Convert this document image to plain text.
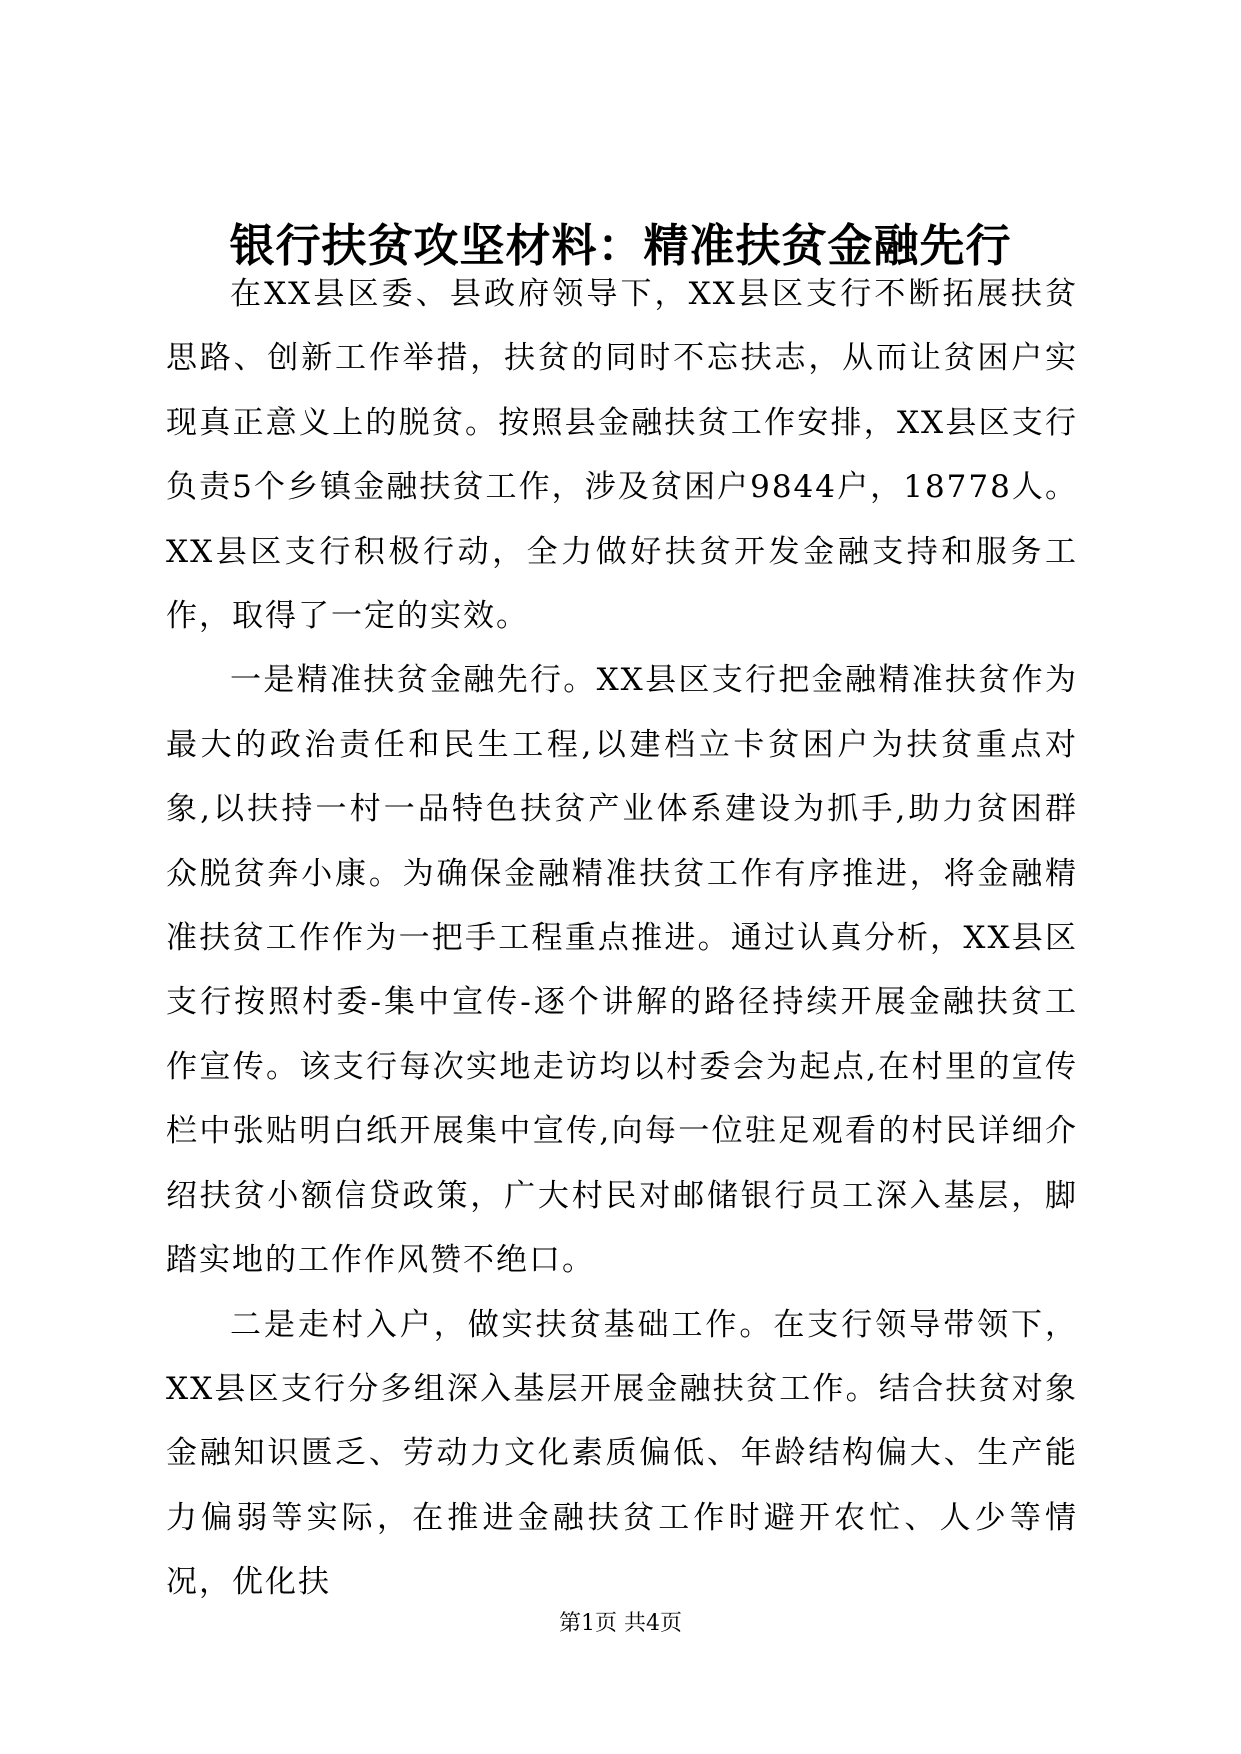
银行扶贫攻坚材料：精准扶贫金融先行

在XX县区委、县政府领导下，XX县区支行不断拓展扶贫思路、创新工作举措，扶贫的同时不忘扶志，从而让贫困户实现真正意义上的脱贫。按照县金融扶贫工作安排，XX县区支行负责5个乡镇金融扶贫工作，涉及贫困户9844户，18778人。XX县区支行积极行动，全力做好扶贫开发金融支持和服务工作，取得了一定的实效。

一是精准扶贫金融先行。XX县区支行把金融精准扶贫作为最大的政治责任和民生工程,以建档立卡贫困户为扶贫重点对象,以扶持一村一品特色扶贫产业体系建设为抓手,助力贫困群众脱贫奔小康。为确保金融精准扶贫工作有序推进，将金融精准扶贫工作作为一把手工程重点推进。通过认真分析，XX县区支行按照村委-集中宣传-逐个讲解的路径持续开展金融扶贫工作宣传。该支行每次实地走访均以村委会为起点,在村里的宣传栏中张贴明白纸开展集中宣传,向每一位驻足观看的村民详细介绍扶贫小额信贷政策，广大村民对邮储银行员工深入基层，脚踏实地的工作作风赞不绝口。

二是走村入户，做实扶贫基础工作。在支行领导带领下，XX县区支行分多组深入基层开展金融扶贫工作。结合扶贫对象金融知识匮乏、劳动力文化素质偏低、年龄结构偏大、生产能力偏弱等实际，在推进金融扶贫工作时避开农忙、人少等情况，优化扶

第1页 共4页
